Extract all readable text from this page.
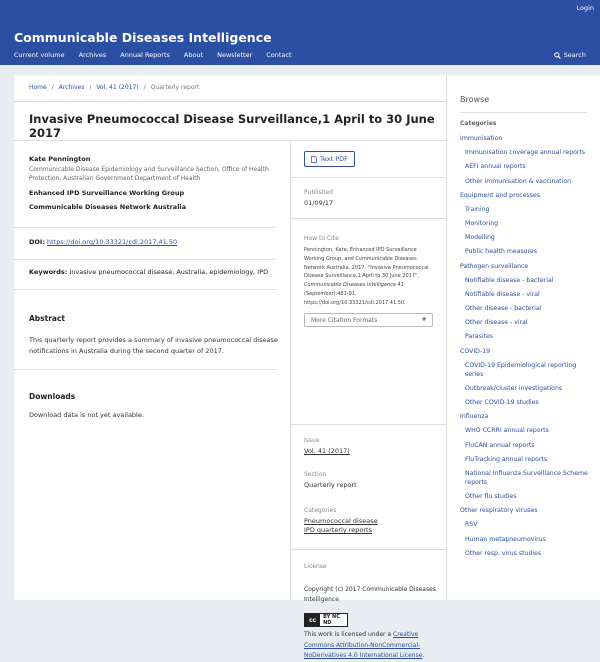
Login
Communicable Diseases Intelligence
Current volume Archives Annual Reports About Newsletter Contact	Search
Home / Archives / Vol. 41 (2017) / Quarterly report
Invasive Pneumococcal Disease Surveillance,1 April to 30 June 2017
Kate Pennington
Communicable Disease Epidemiology and Surveillance Section, Office of Health Protection, Australian Government Department of Health
Enhanced IPD Surveillance Working Group
Communicable Diseases Network Australia
DOI: https://doi.org/10.33321/cdi.2017.41.50
Keywords: invasive pneumococcal disease, Australia, epidemiology, IPD
Abstract
This quarterly report provides a summary of invasive pneumococcal disease notifications in Australia during the second quarter of 2017.
Downloads
Download data is not yet available.
Text PDF
Published
01/09/17
How to Cite
Pennington, Kate, Enhanced IPD Surveillance Working Group, and Communicable Diseases Network Australia. 2017. “Invasive Pneumococcal Disease Surveillance,1 April to 30 June 2017”. Communicable Diseases Intelligence 41 (September):481-91. https://doi.org/10.33321/cdi.2017.41.50.
More Citation Formats	▼
Issue
Vol. 41 (2017)
Section
Quarterly report
Categories
Pneumococcal disease
IPD quarterly reports
License
Copyright (c) 2017 Communicable Diseases Intelligence
cc	BY NC ND
This work is licensed under a Creative Commons Attribution-NonCommercial-NoDerivatives 4.0 International License.
Browse
Categories
Immunisation
Immunisation coverage annual reports
AEFI annual reports
Other immunisation & vaccination
Equipment and processes
Training
Monitoring
Modelling
Public health measures
Pathogen surveillance
Notifiable disease - bacterial
Notifiable disease - viral
Other disease - bacterial
Other disease - viral
Parasites
COVID-19
COVID-19 Epidemiological reporting series
Outbreak/cluster investigations
Other COVID-19 studies
Influenza
WHO CCRRI annual reports
FluCAN annual reports
FluTracking annual reports
National Influenza Surveillance Scheme reports
Other flu studies
Other respiratory viruses
RSV
Human metapneumovirus
Other resp. virus studies
